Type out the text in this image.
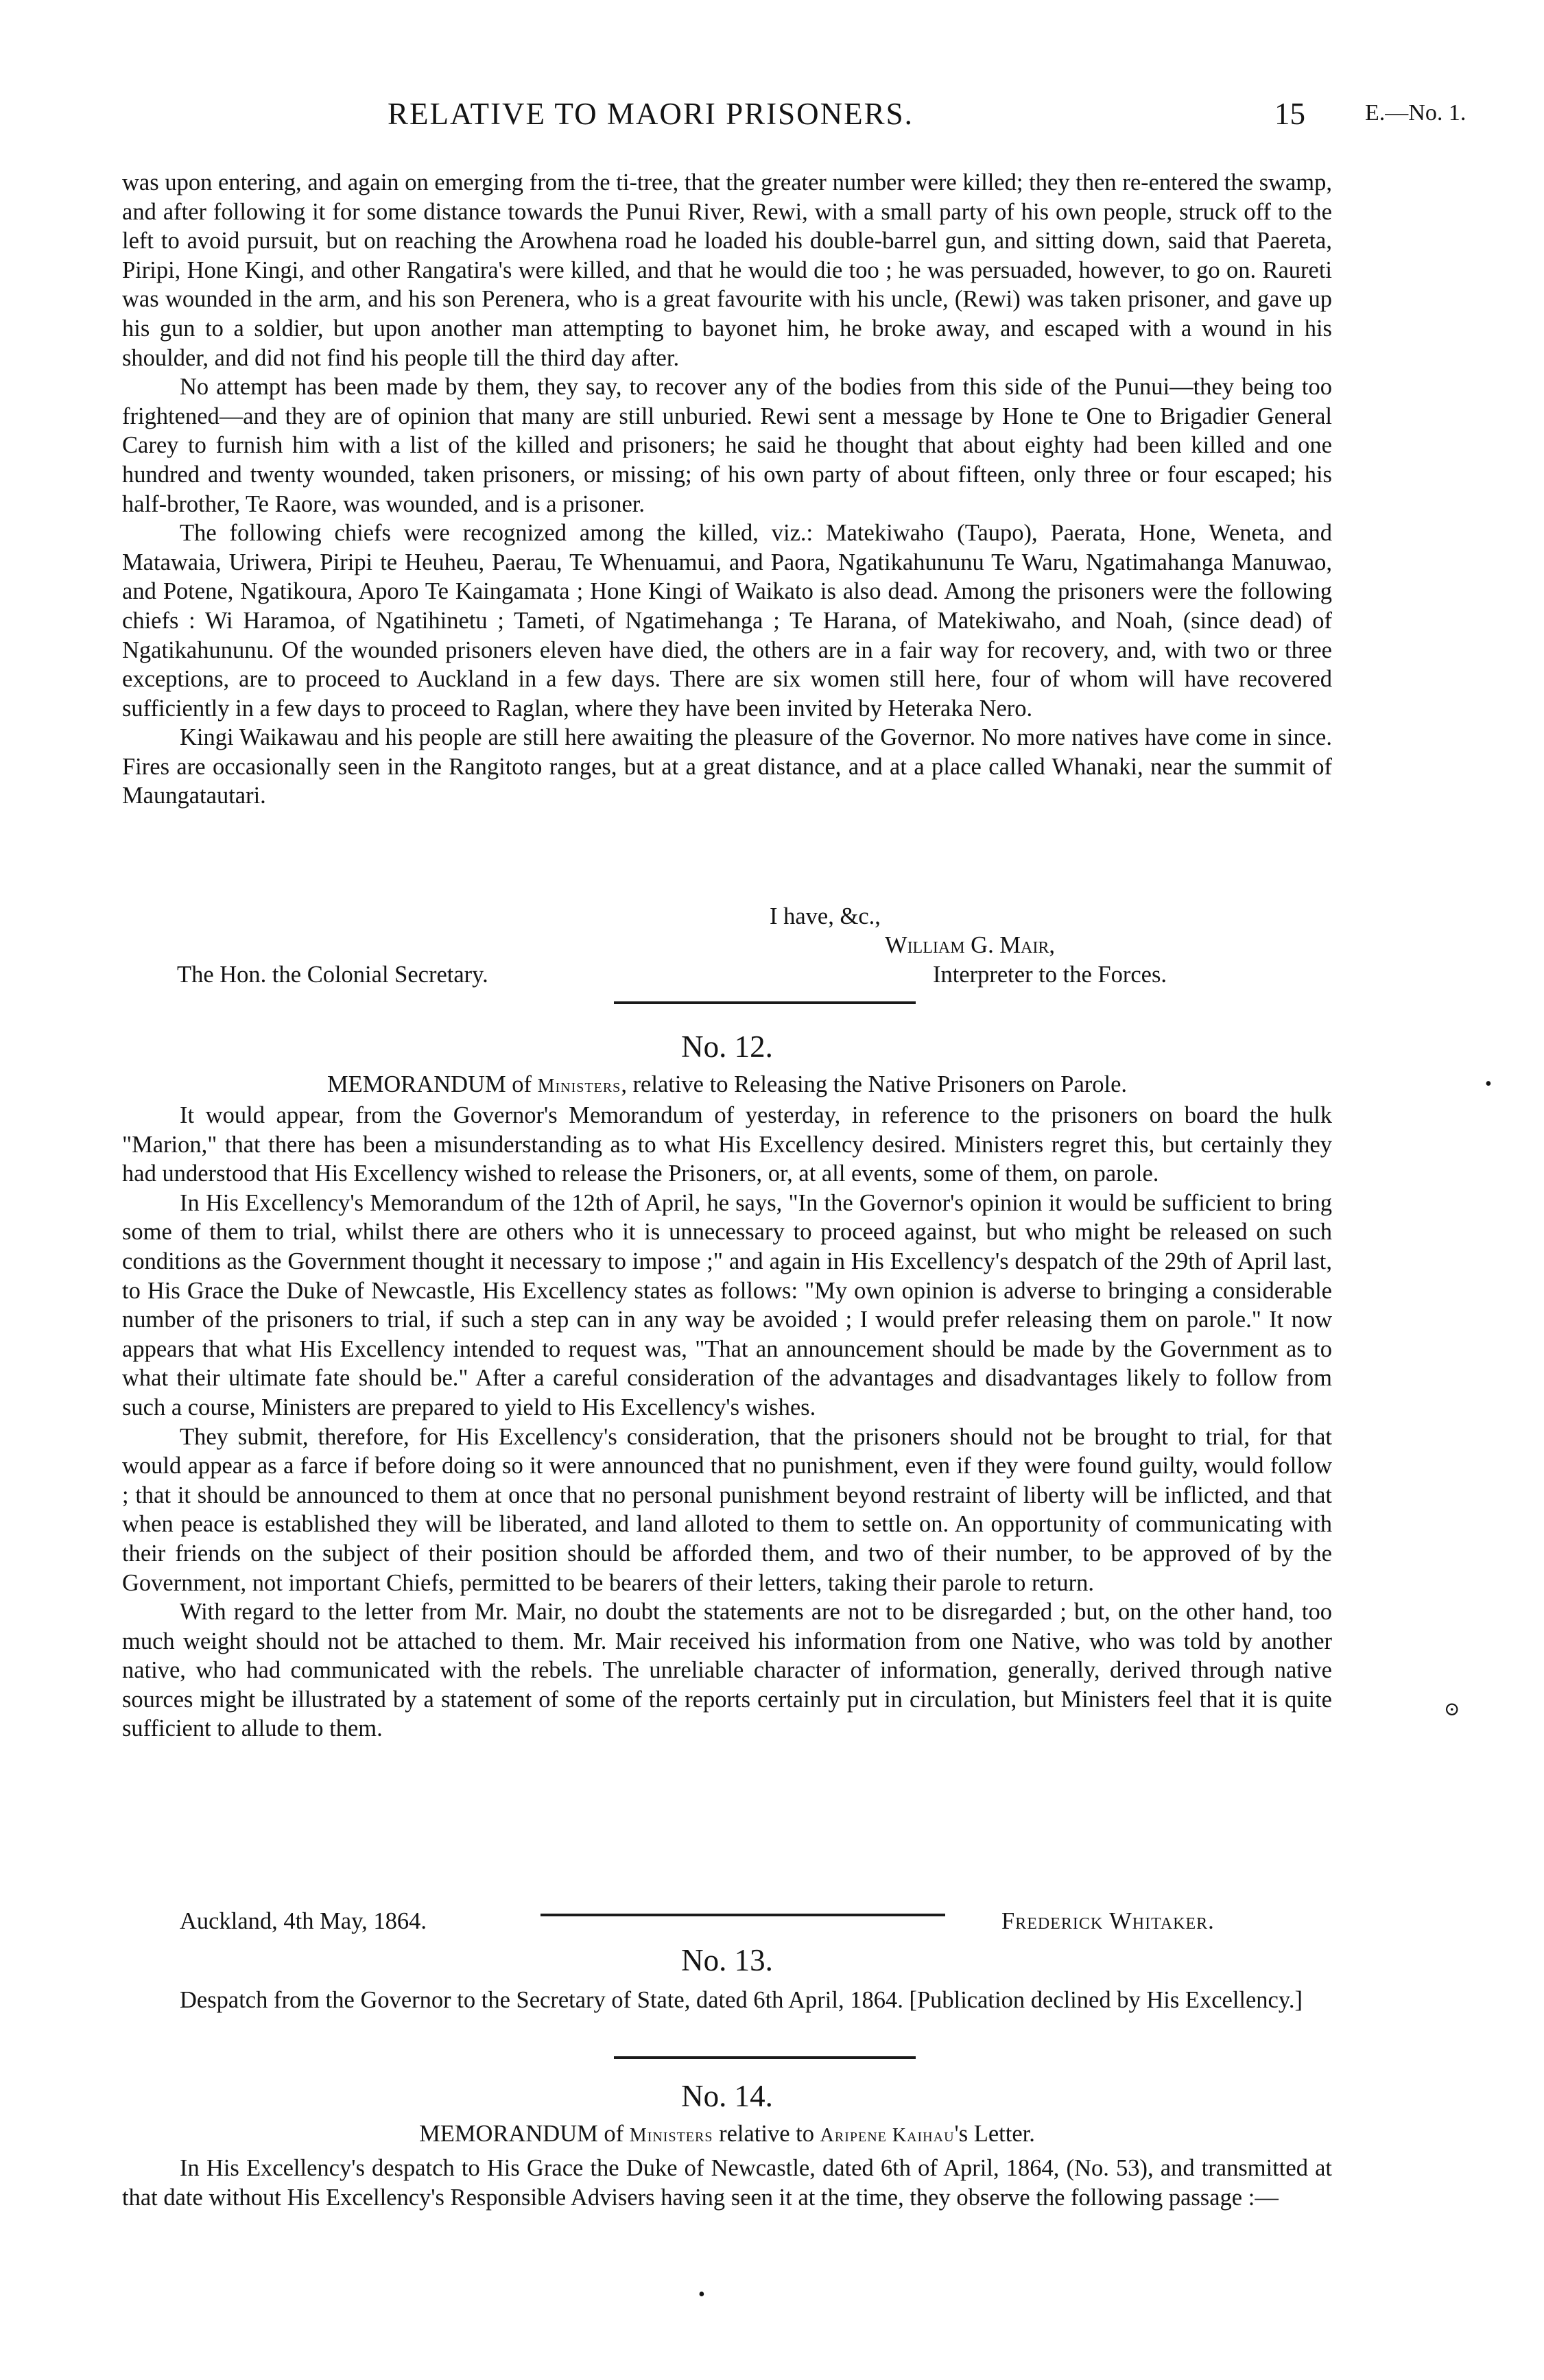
RELATIVE TO MAORI PRISONERS.	15	E.—No. 1.

was upon entering, and again on emerging from the ti-tree, that the greater number were killed; they then re-entered the swamp, and after following it for some distance towards the Punui River, Rewi, with a small party of his own people, struck off to the left to avoid pursuit, but on reaching the Arowhena road he loaded his double-barrel gun, and sitting down, said that Paereta, Piripi, Hone Kingi, and other Rangatira's were killed, and that he would die too ; he was persuaded, however, to go on. Raureti was wounded in the arm, and his son Perenera, who is a great favourite with his uncle, (Rewi) was taken prisoner, and gave up his gun to a soldier, but upon another man attempting to bayonet him, he broke away, and escaped with a wound in his shoulder, and did not find his people till the third day after.

No attempt has been made by them, they say, to recover any of the bodies from this side of the Punui—they being too frightened—and they are of opinion that many are still unburied. Rewi sent a message by Hone te One to Brigadier General Carey to furnish him with a list of the killed and prisoners; he said he thought that about eighty had been killed and one hundred and twenty wounded, taken prisoners, or missing; of his own party of about fifteen, only three or four escaped; his half-brother, Te Raore, was wounded, and is a prisoner.

The following chiefs were recognized among the killed, viz.: Matekiwaho (Taupo), Paerata, Hone, Weneta, and Matawaia, Uriwera, Piripi te Heuheu, Paerau, Te Whenuamui, and Paora, Ngatikahununu Te Waru, Ngatimahanga Manuwao, and Potene, Ngatikoura, Aporo Te Kaingamata ; Hone Kingi of Waikato is also dead. Among the prisoners were the following chiefs : Wi Haramoa, of Ngatihinetu ; Tameti, of Ngatimehanga ; Te Harana, of Matekiwaho, and Noah, (since dead) of Ngatikahununu. Of the wounded prisoners eleven have died, the others are in a fair way for recovery, and, with two or three exceptions, are to proceed to Auckland in a few days. There are six women still here, four of whom will have recovered sufficiently in a few days to proceed to Raglan, where they have been invited by Heteraka Nero.

Kingi Waikawau and his people are still here awaiting the pleasure of the Governor. No more natives have come in since. Fires are occasionally seen in the Rangitoto ranges, but at a great distance, and at a place called Whanaki, near the summit of Maungatautari.

I have, &c.,
William G. Mair,
The Hon. the Colonial Secretary.	Interpreter to the Forces.
No. 12.
MEMORANDUM of Ministers, relative to Releasing the Native Prisoners on Parole.

It would appear, from the Governor's Memorandum of yesterday, in reference to the prisoners on board the hulk "Marion," that there has been a misunderstanding as to what His Excellency desired. Ministers regret this, but certainly they had understood that His Excellency wished to release the Prisoners, or, at all events, some of them, on parole.

In His Excellency's Memorandum of the 12th of April, he says, "In the Governor's opinion it would be sufficient to bring some of them to trial, whilst there are others who it is unnecessary to proceed against, but who might be released on such conditions as the Government thought it necessary to impose ;" and again in His Excellency's despatch of the 29th of April last, to His Grace the Duke of Newcastle, His Excellency states as follows: "My own opinion is adverse to bringing a considerable number of the prisoners to trial, if such a step can in any way be avoided ; I would prefer releasing them on parole." It now appears that what His Excellency intended to request was, "That an announcement should be made by the Government as to what their ultimate fate should be." After a careful consideration of the advantages and disadvantages likely to follow from such a course, Ministers are prepared to yield to His Excellency's wishes.

They submit, therefore, for His Excellency's consideration, that the prisoners should not be brought to trial, for that would appear as a farce if before doing so it were announced that no punishment, even if they were found guilty, would follow ; that it should be announced to them at once that no personal punishment beyond restraint of liberty will be inflicted, and that when peace is established they will be liberated, and land alloted to them to settle on. An opportunity of communicating with their friends on the subject of their position should be afforded them, and two of their number, to be approved of by the Government, not important Chiefs, permitted to be bearers of their letters, taking their parole to return.

With regard to the letter from Mr. Mair, no doubt the statements are not to be disregarded ; but, on the other hand, too much weight should not be attached to them. Mr. Mair received his information from one Native, who was told by another native, who had communicated with the rebels. The unreliable character of information, generally, derived through native sources might be illustrated by a statement of some of the reports certainly put in circulation, but Ministers feel that it is quite sufficient to allude to them.

Auckland, 4th May, 1864.	Frederick Whitaker.
No. 13.

Despatch from the Governor to the Secretary of State, dated 6th April, 1864. [Publication declined by His Excellency.]

No. 14.
MEMORANDUM of Ministers relative to Aripene Kaihau's Letter.

In His Excellency's despatch to His Grace the Duke of Newcastle, dated 6th of April, 1864, (No. 53), and transmitted at that date without His Excellency's Responsible Advisers having seen it at the time, they observe the following passage :—

•
⊙
•
